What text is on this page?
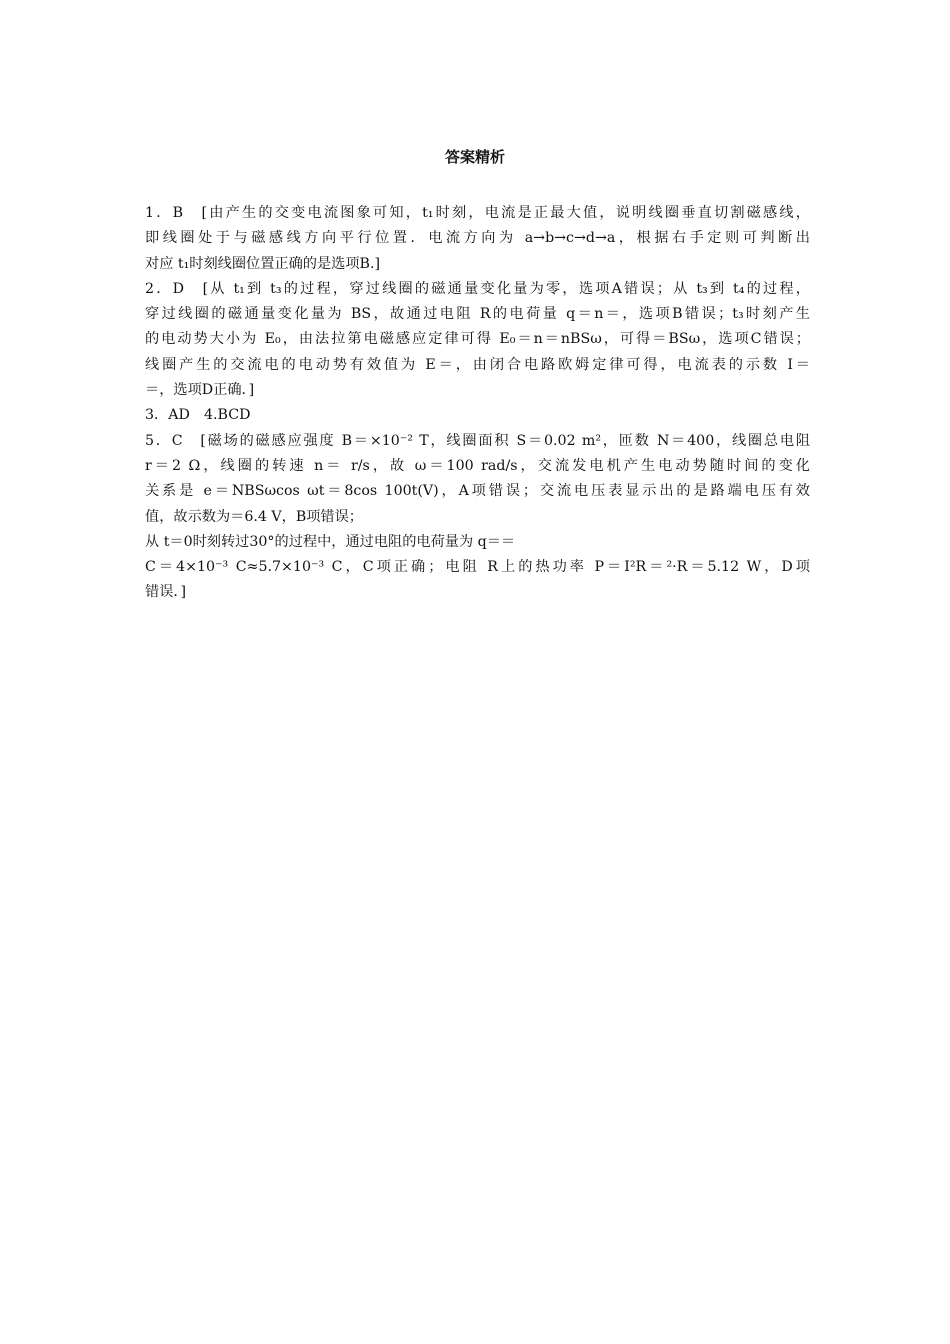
答案精析
1．B　[由产生的交变电流图象可知，t₁时刻，电流是正最大值，说明线圈垂直切割磁感线，
即线圈处于与磁感线方向平行位置．电流方向为 a→b→c→d→a，根据右手定则可判断出
对应 t₁时刻线圈位置正确的是选项B.]
2．D　[从 t₁到 t₃的过程，穿过线圈的磁通量变化量为零，选项A错误；从 t₃到 t₄的过程，
穿过线圈的磁通量变化量为 BS，故通过电阻 R的电荷量 q＝n＝，选项B错误；t₃时刻产生
的电动势大小为 E₀，由法拉第电磁感应定律可得 E₀＝n＝nBSω，可得＝BSω，选项C错误；
线圈产生的交流电的电动势有效值为 E＝，由闭合电路欧姆定律可得，电流表的示数 I＝
＝，选项D正确．]
3．AD　4.BCD
5．C　[磁场的磁感应强度 B＝×10⁻² T，线圈面积 S＝0.02 m²，匝数 N＝400，线圈总电阻
r＝2 Ω，线圈的转速 n＝ r/s，故 ω＝100 rad/s，交流发电机产生电动势随时间的变化
关系是 e＝NBSωcos ωt＝8cos 100t(V)，A项错误；交流电压表显示出的是路端电压有效
值，故示数为＝6.4 V，B项错误；
从 t＝0时刻转过30°的过程中，通过电阻的电荷量为 q＝＝
C＝4×10⁻³ C≈5.7×10⁻³ C，C项正确；电阻 R上的热功率 P＝I²R＝²·R＝5.12 W，D项
错误．]
